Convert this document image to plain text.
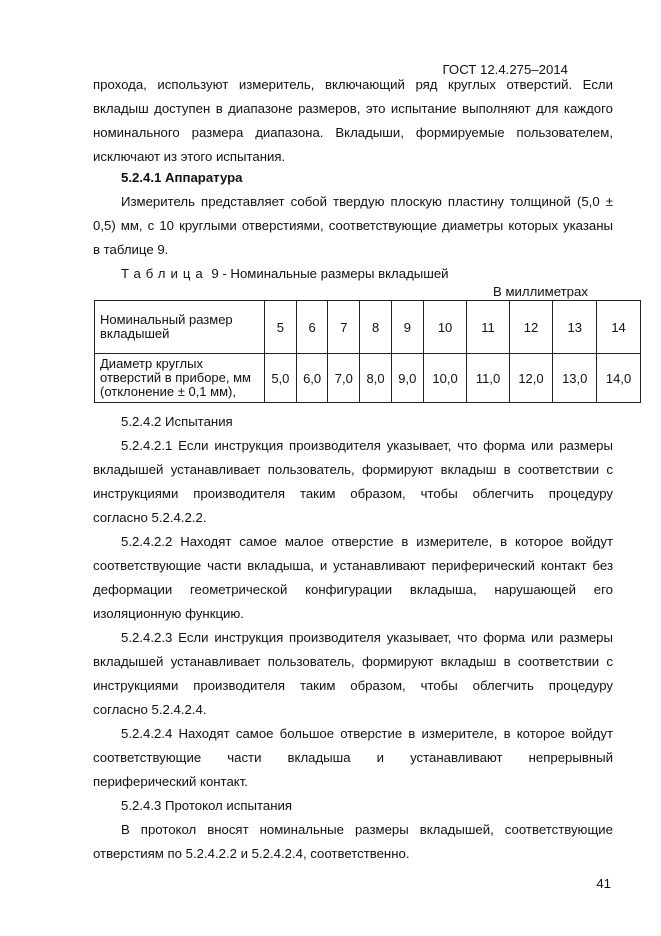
ГОСТ 12.4.275–2014
прохода, используют измеритель, включающий ряд круглых отверстий. Если
вкладыш доступен в диапазоне размеров, это испытание выполняют для каждого
номинального размера диапазона. Вкладыши, формируемые пользователем,
исключают из этого испытания.
5.2.4.1 Аппаратура
Измеритель представляет собой твердую плоскую пластину толщиной (5,0 ±
0,5) мм, с 10 круглыми отверстиями, соответствующие диаметры которых указаны
в таблице 9.
Таблица 9 - Номинальные размеры вкладышей
В миллиметрах
Номинальный размер вкладышей	5	6	7	8	9	10	11	12	13	14
Диаметр круглых
отверстий в приборе, мм
(отклонение ± 0,1 мм),	5,0	6,0	7,0	8,0	9,0	10,0	11,0	12,0	13,0	14,0
5.2.4.2 Испытания
5.2.4.2.1 Если инструкция производителя указывает, что форма или размеры
вкладышей устанавливает пользователь, формируют вкладыш в соответствии с
инструкциями производителя таким образом, чтобы облегчить процедуру
согласно 5.2.4.2.2.
5.2.4.2.2 Находят самое малое отверстие в измерителе, в которое войдут
соответствующие части вкладыша, и устанавливают периферический контакт без
деформации геометрической конфигурации вкладыша, нарушающей его
изоляционную функцию.
5.2.4.2.3 Если инструкция производителя указывает, что форма или размеры
вкладышей устанавливает пользователь, формируют вкладыш в соответствии с
инструкциями производителя таким образом, чтобы облегчить процедуру
согласно 5.2.4.2.4.
5.2.4.2.4 Находят самое большое отверстие в измерителе, в которое войдут
соответствующие части вкладыша и устанавливают непрерывный
периферический контакт.
5.2.4.3 Протокол испытания
В протокол вносят номинальные размеры вкладышей, соответствующие
отверстиям по 5.2.4.2.2 и 5.2.4.2.4, соответственно.
41
